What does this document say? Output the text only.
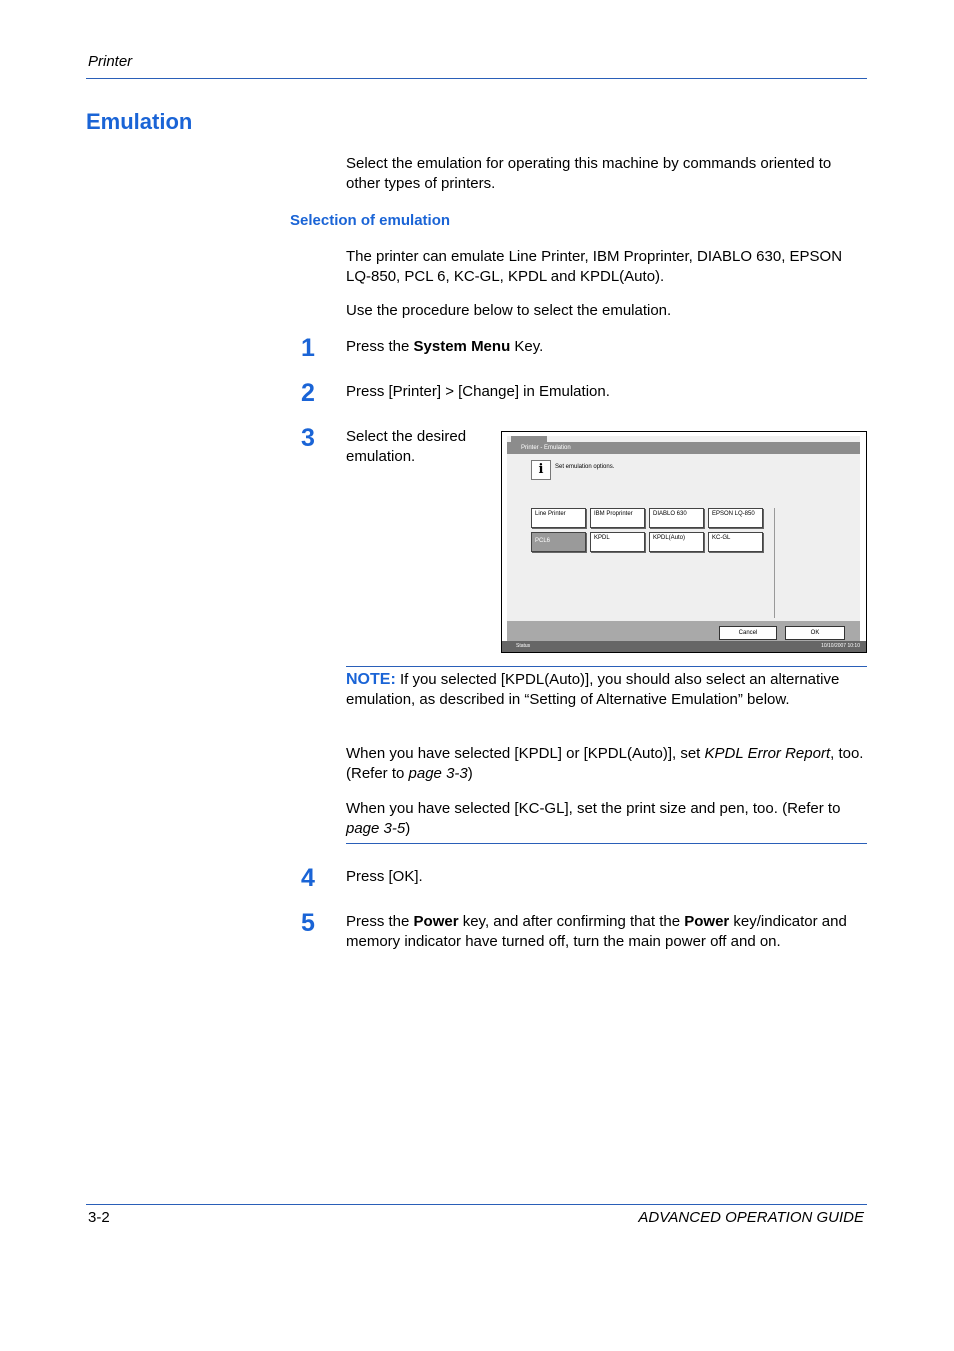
Printer
Emulation
Select the emulation for operating this machine by commands oriented to other types of printers.
Selection of emulation
The printer can emulate Line Printer, IBM Proprinter, DIABLO 630, EPSON LQ-850, PCL 6, KC-GL, KPDL and KPDL(Auto).
Use the procedure below to select the emulation.
1 Press the System Menu Key.
2 Press [Printer] > [Change] in Emulation.
3 Select the desired emulation.	Printer - Emulation
i	Set emulation options.
Line Printer	IBM Proprinter	DIABLO 630	EPSON LQ-850
PCL6	KPDL	KPDL(Auto)	KC-GL
Cancel	OK
Status	10/10/2007 10:10
NOTE: If you selected [KPDL(Auto)], you should also select an alternative emulation, as described in “Setting of Alternative Emulation” below.
When you have selected [KPDL] or [KPDL(Auto)], set KPDL Error Report, too. (Refer to page 3-3)
When you have selected [KC-GL], set the print size and pen, too. (Refer to page 3-5)
4 Press [OK].
5 Press the Power key, and after confirming that the Power key/indicator and memory indicator have turned off, turn the main power off and on.
3-2	ADVANCED OPERATION GUIDE
